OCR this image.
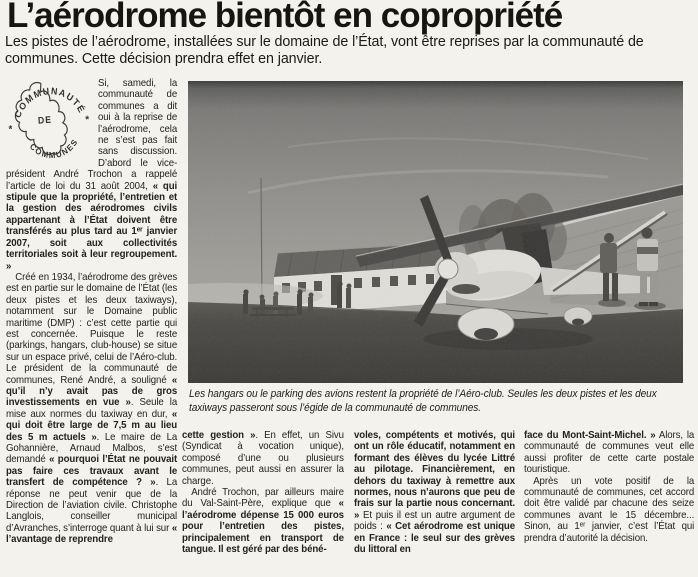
L’aérodrome bientôt en copropriété

Les pistes de l’aérodrome, installées sur le domaine de l’État, vont être reprises par la communauté de communes. Cette décision prendra effet en janvier.

COMMUNAUTÉ
DE
COMMUNES
*
*

Si, samedi, la communauté de communes a dit oui à la reprise de l’aérodrome, cela ne s’est pas fait sans discussion. D’abord le vice-président André Trochon a rappelé l’article de loi du 31 août 2004, « qui stipule que la propriété, l’entretien et la gestion des aérodromes civils appartenant à l’État doivent être transférés au plus tard au 1ᵉʳ janvier 2007, soit aux collectivités territoriales soit à leur regroupement. »

Créé en 1934, l’aérodrome des grèves est en partie sur le domaine de l’État (les deux pistes et les deux taxiways), notamment sur le Domaine public maritime (DMP) : c’est cette partie qui est concernée. Puisque le reste (parkings, hangars, club-house) se situe sur un espace privé, celui de l’Aéro-club. Le président de la communauté de communes, René André, a souligné « qu’il n’y avait pas de gros investissements en vue ». Seule la mise aux normes du taxiway en dur, « qui doit être large de 7,5 m au lieu des 5 m actuels ». Le maire de La Gohannière, Arnaud Malbos, s’est demandé « pourquoi l’État ne pouvait pas faire ces travaux avant le transfert de compétence ? ». La réponse ne peut venir que de la Direction de l’aviation civile. Christophe Langlois, conseiller municipal d’Avranches, s’interroge quant à lui sur « l’avantage de reprendre

Les hangars ou le parking des avions restent la propriété de l’Aéro-club. Seules les deux pistes et les deux taxiways passeront sous l’égide de la communauté de communes.

cette gestion ». En effet, un Sivu (Syndicat à vocation unique), composé d’une ou plusieurs communes, peut aussi en assurer la charge.

André Trochon, par ailleurs maire du Val-Saint-Père, explique que « l’aérodrome dépense 15 000 euros pour l’entretien des pistes, principalement en transport de tangue. Il est géré par des béné-

voles, compétents et motivés, qui ont un rôle éducatif, notamment en formant des élèves du lycée Littré au pilotage. Financièrement, en dehors du taxiway à remettre aux normes, nous n’aurons que peu de frais sur la partie nous concernant. » Et puis il est un autre argument de poids : « Cet aérodrome est unique en France : le seul sur des grèves du littoral en

face du Mont-Saint-Michel. » Alors, la communauté de communes veut elle aussi profiter de cette carte postale touristique.

Après un vote positif de la communauté de communes, cet accord doit être validé par chacune des seize communes avant le 15 décembre... Sinon, au 1ᵉʳ janvier, c’est l’État qui prendra d’autorité la décision.
